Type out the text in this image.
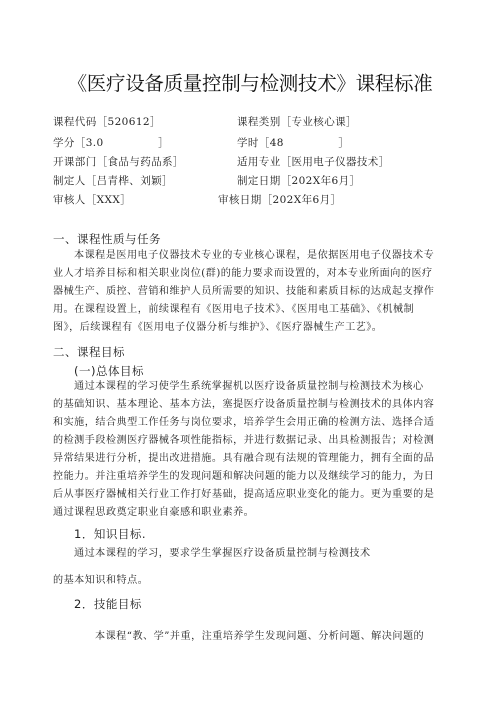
《医疗设备质量控制与检测技术》课程标准
课程代码［520612］	课程类别［专业核心课］
学分［3.0　　　　　］	学时［48　　　　　］
开课部门［食品与药品系］	适用专业［医用电子仪器技术］
制定人［吕青桦、刘颖］	制定日期［202X年6月］
审核人［XXX］	审核日期［202X年6月］
一、课程性质与任务
本课程是医用电子仪器技术专业的专业核心课程，是依据医用电子仪器技术专
业人才培养目标和相关职业岗位(群)的能力要求而设置的，对本专业所面向的医疗
器械生产、质控、营销和维护人员所需要的知识、技能和素质目标的达成起支撑作
用。在课程设置上，前续课程有《医用电子技术》、《医用电工基础》、《机械制
图》，后续课程有《医用电子仪器分析与维护》、《医疗器械生产工艺》。
二、课程目标
(一)总体目标
通过本课程的学习使学生系统掌握机以医疗设备质量控制与检测技术为核心
的基础知识、基本理论、基本方法，塞提医疗设备质量控制与检测技术的具体内容
和实施，结合典型工作任务与岗位要求，培养学生会用正确的检测方法、选择合适
的检测手段检测医疗器械各项性能指标，并进行数据记录、出具检测报告；对检测
异常结果进行分析，提出改进措施。具有融合现有法规的管理能力，拥有全面的品
控能力。并注重培养学生的发现问题和解决问题的能力以及继续学习的能力，为日
后从事医疗器械相关行业工作打好基础，提高适应职业变化的能力。更为重要的是
通过课程思政奠定职业自豪感和职业素养。
1．知识目标.
通过本课程的学习，要求学生掌握医疗设备质量控制与检测技术
的基本知识和特点。
2．技能目标
本课程“教、学”并重，注重培养学生发现问题、分析问题、解决问题的
